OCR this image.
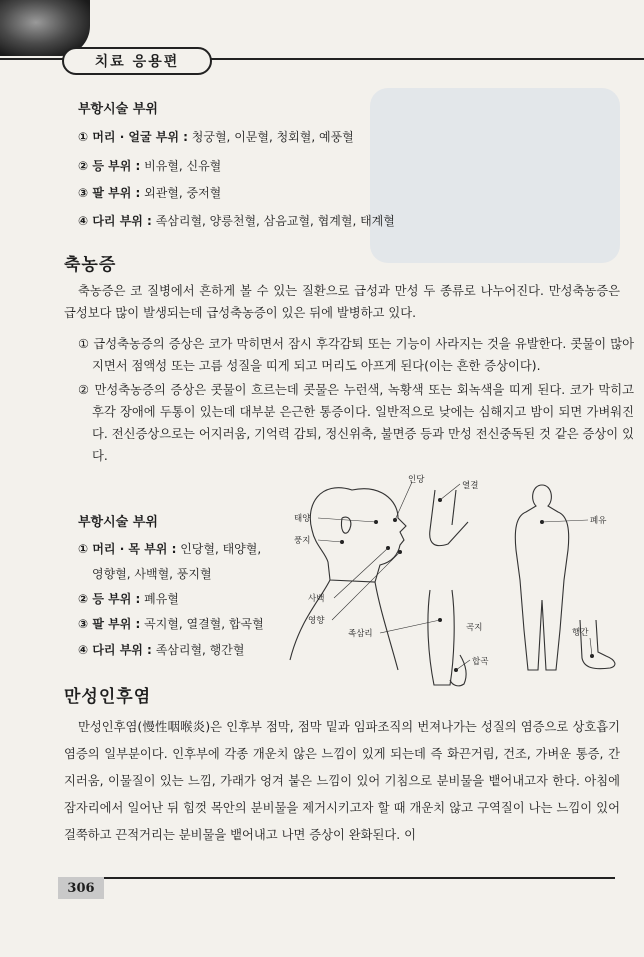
치료 응용편
부항시술 부위
① 머리 · 얼굴 부위 : 청궁혈, 이문혈, 청회혈, 예풍혈
② 등 부위 : 비유혈, 신유혈
③ 팔 부위 : 외관혈, 중저혈
④ 다리 부위 : 족삼리혈, 양릉천혈, 삼음교혈, 협계혈, 태계혈
축농증
축농증은 코 질병에서 흔하게 볼 수 있는 질환으로 급성과 만성 두 종류로 나누어진다. 만성축농증은 급성보다 많이 발생되는데 급성축농증이 있은 뒤에 발병하고 있다.
① 급성축농증의 증상은 코가 막히면서 잠시 후각감퇴 또는 기능이 사라지는 것을 유발한다. 콧물이 많아지면서 점액성 또는 고름 성질을 띠게 되고 머리도 아프게 된다(이는 흔한 증상이다).
② 만성축농증의 증상은 콧물이 흐르는데 콧물은 누런색, 녹황색 또는 회녹색을 띠게 된다. 코가 막히고 후각 장애에 두통이 있는데 대부분 은근한 통증이다. 일반적으로 낮에는 심해지고 밤이 되면 가벼워진다. 전신증상으로는 어지러움, 기억력 감퇴, 정신위축, 불면증 등과 만성 전신중독된 것 같은 증상이 있다.
부항시술 부위
① 머리 · 목 부위 : 인당혈, 태양혈,
영향혈, 사백혈, 풍지혈
② 등 부위 : 폐유혈
③ 팔 부위 : 곡지혈, 열결혈, 합곡혈
④ 다리 부위 : 족삼리혈, 행간혈
인당
열결
태양
풍지
폐유
사백
영향
족삼리
곡지	행간
합곡
만성인후염
만성인후염(慢性咽喉炎)은 인후부 점막, 점막 밑과 임파조직의 번져나가는 성질의 염증으로 상호흡기 염증의 일부분이다. 인후부에 각종 개운치 않은 느낌이 있게 되는데 즉 화끈거림, 건조, 가벼운 통증, 간지러움, 이물질이 있는 느낌, 가래가 엉겨 붙은 느낌이 있어 기침으로 분비물을 뱉어내고자 한다. 아침에 잠자리에서 일어난 뒤 힘껏 목안의 분비물을 제거시키고자 할 때 개운치 않고 구역질이 나는 느낌이 있어 걸쭉하고 끈적거리는 분비물을 뱉어내고 나면 증상이 완화된다. 이
306
